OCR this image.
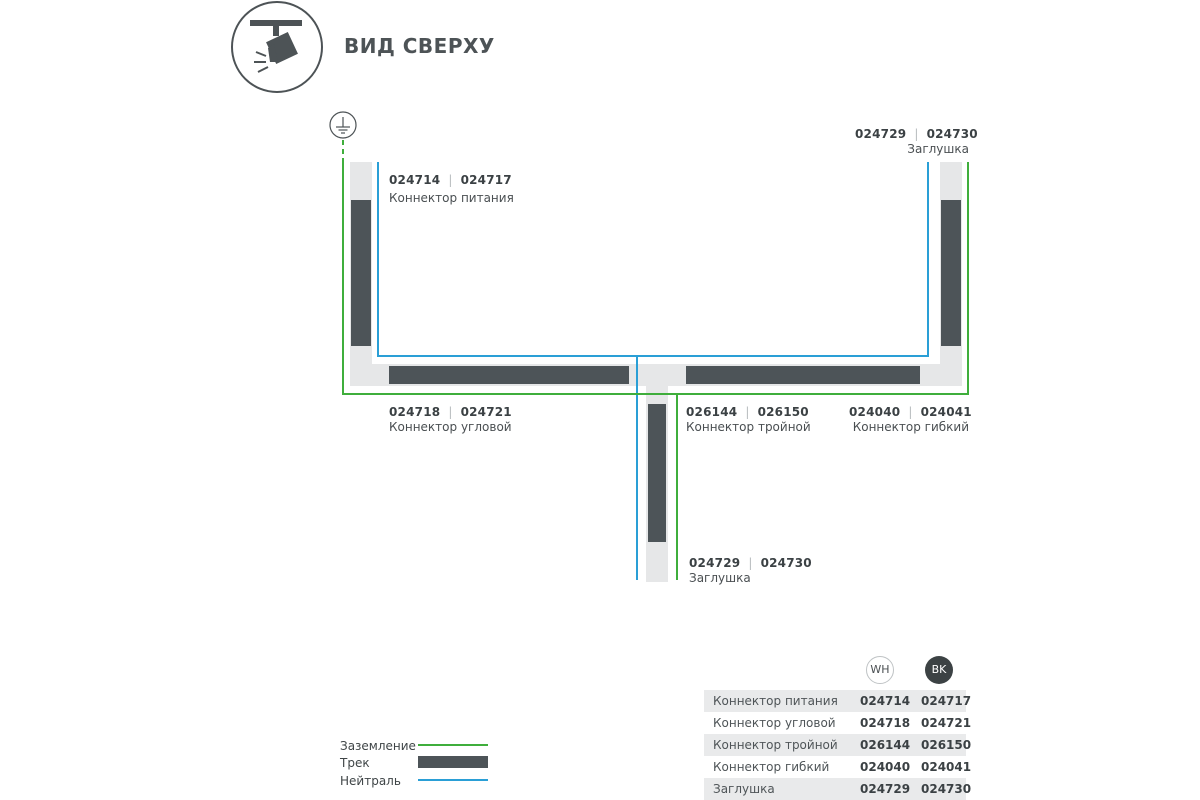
ВИД СВЕРХУ
024714 | 024717
Коннектор питания
024729 | 024730
Заглушка
024718 | 024721
Коннектор угловой
026144 | 026150
Коннектор тройной
024040 | 024041
Коннектор гибкий
024729 | 024730
Заглушка
WH	BK
Коннектор питания 024714 024717
Коннектор угловой 024718 024721
Коннектор тройной 026144 026150
Коннектор гибкий	024040 024041
Заглушка	024729 024730
Заземление
Трек
Нейтраль
